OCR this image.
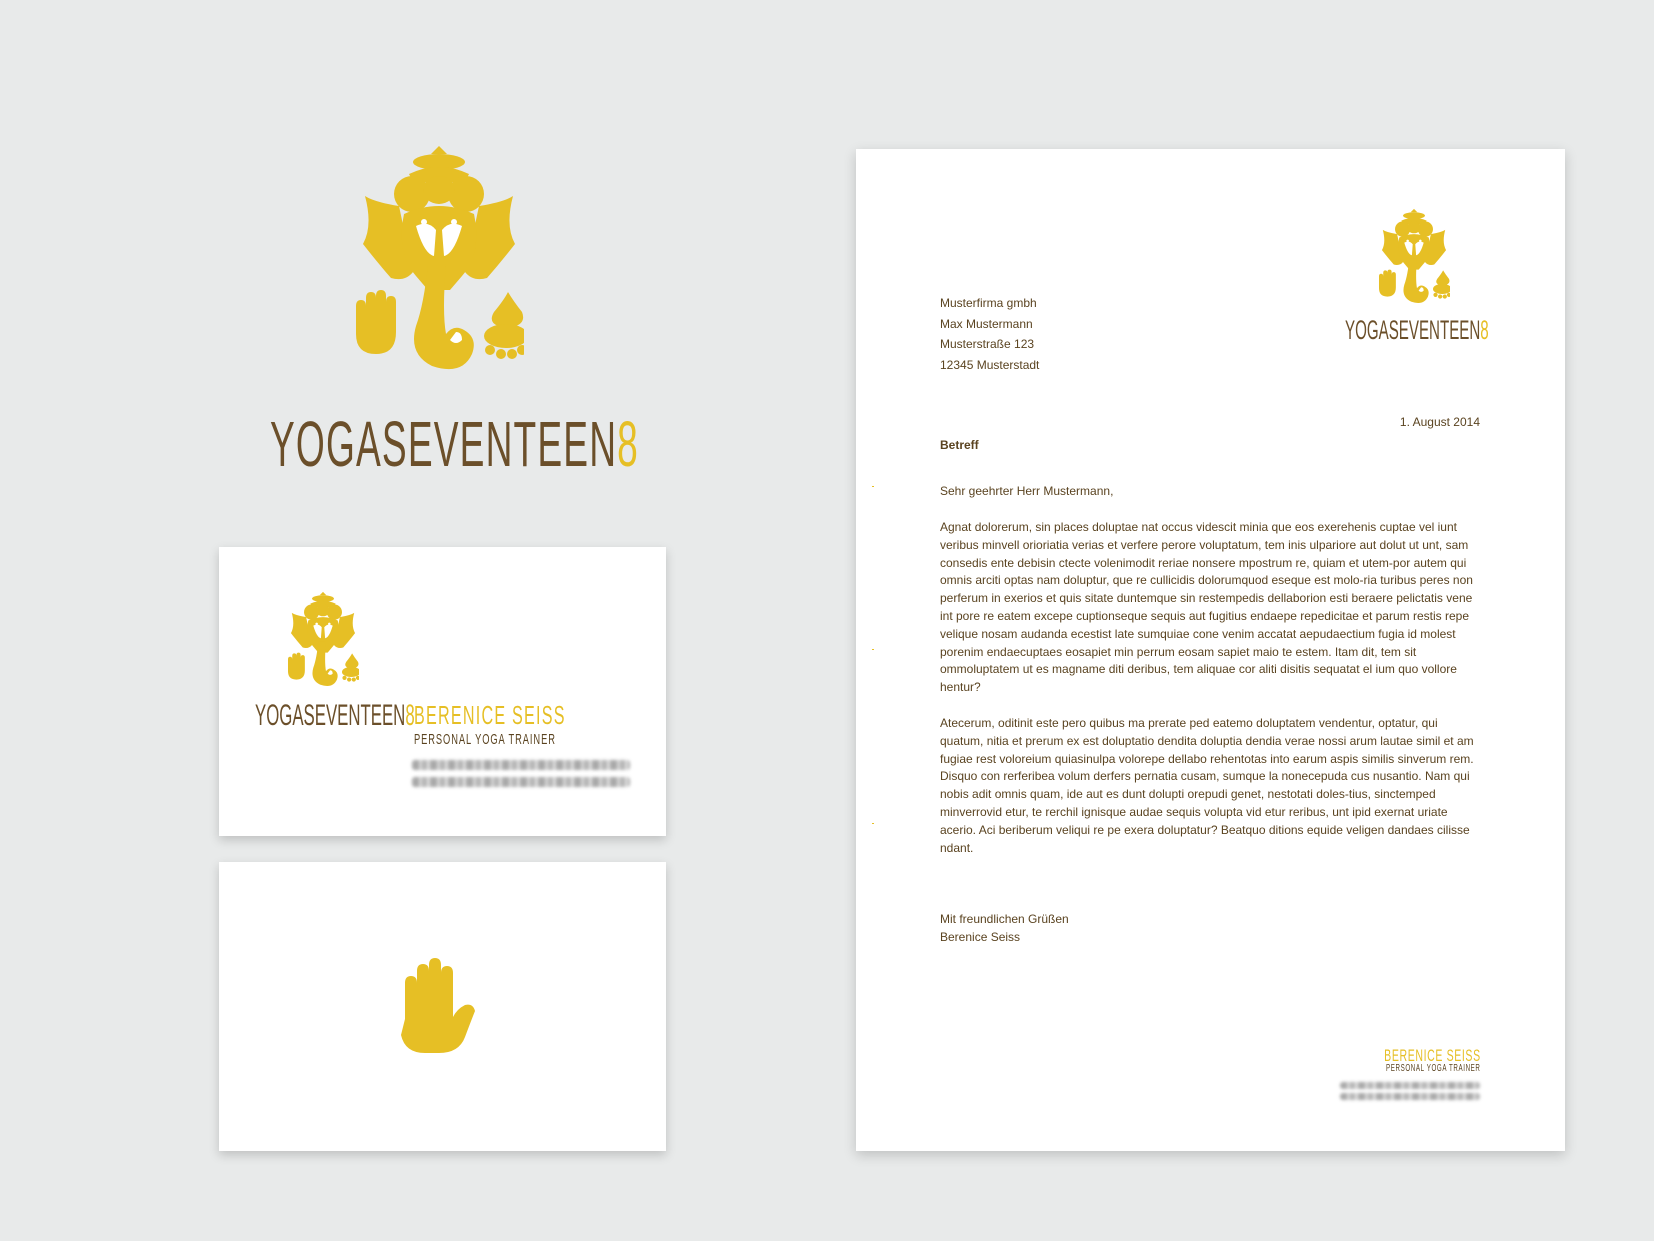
YOGASEVENTEEN8
YOGASEVENTEEN8 BERENICE SEISS
PERSONAL YOGA TRAINER
YOGASEVENTEEN8
Musterfirma gmbh
Max Mustermann
Musterstraße 123
12345 Musterstadt
1. August 2014
Betreff
Sehr geehrter Herr Mustermann,
Agnat dolorerum, sin places doluptae nat occus videscit minia que eos exerehenis cuptae vel iunt veribus minvell orioriatia verias et verfere perore voluptatum, tem inis ulpariore aut dolut ut unt, sam consedis ente debisin ctecte volenimodit reriae nonsere mpostrum re, quiam et utem-por autem qui omnis arciti optas nam doluptur, que re cullicidis dolorumquod eseque est molo-ria turibus peres non perferum in exerios et quis sitate duntemque sin restempedis dellaborion esti beraere pelictatis vene int pore re eatem excepe cuptionseque sequis aut fugitius endaepe repedicitae et parum restis repe velique nosam audanda ecestist late sumquiae cone venim accatat aepudaectium fugia id molest porenim endaecuptaes eosapiet min perrum eosam sapiet maio te estem. Itam dit, tem sit ommoluptatem ut es magname diti deribus, tem aliquae cor aliti disitis sequatat el ium quo vollore hentur?
Atecerum, oditinit este pero quibus ma prerate ped eatemo doluptatem vendentur, optatur, qui quatum, nitia et prerum ex est doluptatio dendita doluptia dendia verae nossi arum lautae simil et am fugiae rest voloreium quiasinulpa volorepe dellabo rehentotas into earum aspis similis sinverum rem. Disquo con rerferibea volum derfers pernatia cusam, sumque la nonecepuda cus nusantio. Nam qui nobis adit omnis quam, ide aut es dunt dolupti orepudi genet, nestotati doles-tius, sinctemped minverrovid etur, te rerchil ignisque audae sequis volupta vid etur reribus, unt ipid exernat uriate acerio. Aci beriberum veliqui re pe exera doluptatur? Beatquo ditions equide veligen dandaes cilisse ndant.
Mit freundlichen Grüßen
Berenice Seiss
BERENICE SEISS
PERSONAL YOGA TRAINER
